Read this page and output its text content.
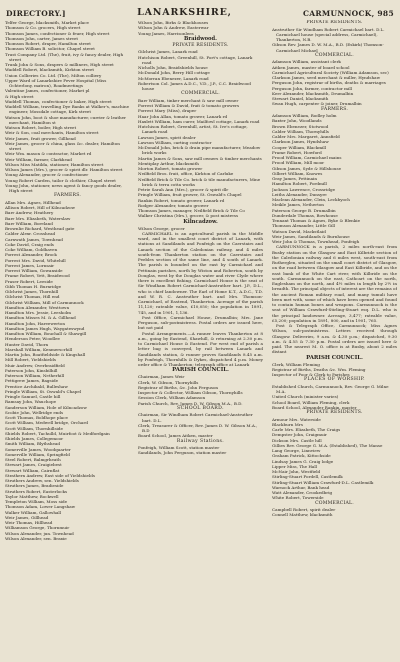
DIRECTORY.]	LANARKSHIRE,	CARMUNNOCK, 985
Telfer George, blacksmith, Market place
Thomson & Co. grocers, High street
Thomson James, confectioner & feuer, High street
Thomson John, carter, James street
Thomson Robert, draper, Hamilton street
Thomson William B. solicitor, Chapel street
Trust Company Ltd. (The), fruit, ivy & fancy dealer, High street
Trunk John & Sons, drapers & milliners, High street
Waddell Robert, blacksmith, Kirkton street
Union Collieries Co. Ltd. (The), Milton colliery
Upper Ward of Lanarkshire Fever Hospital (Miss Ochterlony, matron), Roadmeetings
Valentine James, confectioner, Market pl
& High street
Waddell Thomas, confectioner & baker, High street
Waddell William, travelling Dye Banks at Walker's, machine engineer, Mossdale cottage, Kirk street
Watson John, boot & shoe manufacturer, currier & leather merchant, Hamilton st
Watson Robert, boiler, High street
Weir & Son, coal merchants, Hamilton street
Weir James, fruit grower, Gillhead
Weir James, grocer & china, glass &c. dealer, Hamilton street
Weir Wm. mason & contractor, Market rd
Weir William, farmer, Clarkhead
Wilson Miss Matilda, stationer, Hamilton street
Wilson James (Mrs.), grocer & spirit dlr. Hamilton street
Young Alexander, grocer & confectioner
Young Robert Carden, tailor & clothier, Chapel street
Young John, stationer, news agent & fancy goods dealer, High street
FARMERS.
Allan Mrs. Agnes, Hillhead
Allison Robert, Hill of Kilncadzow
Barr Andrew, Heathery
Barr Mrs. Elizabeth, Waterslaw
Barr William, Boreland
Brownlie Richard, Westhead gate
Calder Alexr. Crosshead
Carnwath James, Townhead
Coke David, Craig ends
Coke William, Goldhaven
Forrest Alexander, Brock
Forrest Mrs. David, Whitehill
Forrest James, Lornsair
Forrest William, Gowanside
Frame Robert, Yett, Braidwood
Fraser Robert, Leeside
Gibb Thomas H. Burnridge
Gilchrist James, Thornhill
Gilchrist Thomas, Hill end
Gilchrist William, Mill of Carmunnock
Hamilton Alexander, Westtown
Hamilton Mrs. Jessie, Leesholm
Hamilton Misses M. & A. Gillhead
Hamilton John, Hareewerton
Hamilton James Hugh, Waygateswynd
Hamilton William, Bouchall & Shawgill
Henderson Peter, Woodlee
Hunter David, Thorn
Marshall William, Kenmerscrhill
Martin John, Boatfieldside & Kingshall
Mill Robert, Yieldshields
Muir Andrew, Overbraidfield
Paterson John, Kinsbilhill
Paterson William, Netherhill
Pettigrew James, Bagside
Prentice Archibald, Bulleshaw
Pringle William, St. Oswald's Chapel
Pringle Samuel, Castle hill
Ramsay John, Wauchope
Sanderson William, Hole of Kilncadzow
Scobie John, Wellridge ends
Scott Thomas, Boldhope place
Scott William, Medwell bridge, Orchard
Scott William, Thornhillside
Shields Robert, Tachulld, Muirfoot & Medfordgain
Shields James, Collegemoor
Smith William, Blythshead
Somerville James, Woodquarter
Somerville William, Springfield
Steel Robert, Balmgrheath
Stewart James, Craigiebest
Stewart William, Cairnflat
Strathern Andrew, East side of Yieldshields
Struthers Andrew, sen. Yieldshields
Struthers James, Bradieside
Struthers Robert, Easterlocks
Taylor Matthew, Bockwell
Templeton William, Moss side
Thomson Adam, Lower Langshaw
Walker William, Gallowhall
Weir James, Gillhead
Weir Thomas, Hillhead
Williamson George, Thornmuir
Wilson Alexander, jun. Townhead
Wilson Alexander, sen. Braxie
Wilson John, Birks & Blackhouses
Wilson John & Andrew, Easterwar
Young James, Harrisonlees
Braidwood.
PRIVATE RESIDENTS.
Gilchrist James, Lanark road
Hutchison Robert, Greenhill, St. Fort's cottage, Lanark road
Nicholls John, Braidshields house
McDonald John, Berry Hill cottage
McMorran Ebenezer, Lanark road
Robertson Col. James A.D.C., V.D., J.P., C.C. Braidwood house
COMMERCIAL.
Barr William, tinker merchant & saw mill owner
Forrest William & David, fruit & tomato growers
Forrest Mary (Miss), draper
Haar John Allan, tomato grower, Lanark rd
Haxlett William, ham curer, Mailfowl cottage, Lanark road
Hutchison Robert, Greenhill, artist, St. Ive's cottage, Lanark road
Lawson James, spirit dealer
Lawson William, carting contractor
McDonald John, brick & drain pipe manufacturer, Meadow brick works
Martin James & Sons, saw mill owners & timber merchants
Mentiplay Arthur, blacksmith
Morton Robert, tomato grower
Neilfield Bros. fruit, office, Kirkton of Carluke
Neilfield Brick & Tile Co. brick & tile manufacturers, Mine brick & terra cotta works
Petrie Sarah Ann (Mrs.), grocer & spirit dlr
Pringle William, fruit grower, St. Oswald's Chapel
Rankin Robert, tomato grower, Lanark rd
Rodger Alexander, tomato grower
Thomson James, manager, Neilfield Brick & Tile Co
Walker Christina (Mrs.), grocer, & post mistress
Kilncadzow.
Wilson George, grocer
CARMICHAEL is an agricultural parish in the Middle ward, and in the smallest court district of Lanark, with stations at Sandilands and Ponfeigh on the Caerstairs and Lanark section of the Caledonian railway, and 4 miles south-from Thankerton station on the Caerstairs and Peebles section of the same line, and 4 south of Lanark. The parish is bounded on the east by Carmichael and Pettinain parishes, north by Wiston and Roberton, south by Douglas, west by the Douglas water and river Clyde where there is excellent fishing. Carmichael House is the seat of Sir Windham Robert Carmichael-Anstruther bart. J.P., D.L., who is chief landowner. The Earl of Home K.T., A.D.C., T.D. and W. R. C. Anstruther bart. and Mrs. Thomson-Carmichael, of Eastend, Thankerton. Acreage of the parish 11,120; rateable value, £10,050; the population in 1891, 745, and in 1901, 1,136.
Post Office, Carmichael House, Drumalbin; Mrs. Jane Ferguson, sub-postmistress. Postal orders are issued here, but not paid
Postal Arrangements.—A runner leaves Thankerton at 8 a.m., going by Eastend, Shawhill, & returning at 2.30 p.m. to Carmichael House & Eastend. For west end of parish a letter bag is conveyed, by rail between Lanark and Sandilands station, & runner proves Sandilands 8.45 a.m. by Ponfeigh, Thornhills & Dykes, dispatched 4 p.m. Money order office & Thankerton; telegraph office at Lanark
PARISH COUNCIL.
Chairman, James Weir
Clerk, W. Gibson, Thornyhills
Registrar of Births, &c. John Ferguson
Inspector & Collector, William Gibson, Thornyhills
Session Clerk, William Adamson
Parish Church, Rev. James D. W. Gibson M.A., B.D.
SCHOOL BOARD.
Chairman, Sir Windham Robert Carmichael-Anstruther bart. D.L.
Clerk, Treasurer & Officer, Rev. James D. W. Gibson M.A., B.D
Board School, James Aitken, master
Railway Stations.
Ponfeigh, William Scott, station master
Sandilands, John Ferguson, station master
PRIVATE RESIDENTS.
Anstruther Sir Windham Robert Carmichael bart. D.L. Carmichael house (special address, Carmichael), Thankerton, N.B.
Gibson Rev. James D. W. M.A., B.D. (Eskirk) Thomson-Carmichael Michael
COMMERCIAL.
Adamson William, assistant clerk
Aitken James, master of board school
Carmichael Agricultural Society (William Adamson, sec)
Clarkson James, seed merchant & miller, Hyndshaw
Ferguson John, registrar of births, deaths & marriages
Ferguson John, farmer, contractor mill
Kerr Alexander, blacksmith, Drumalbin
Stewart Daniel, blacksmith
Swan Hugh, carpenter & joiner, Drumalbin
FARMERS.
Adamson William, Rodley holm
Baxter John, Woodlands
Brown Ebenezer, Stotwood
Calder William, Thornyhills
Calder Mrs. Margaret, Annsfield
Clarkson James, Hyndshaw
Cooper William, Blackmill
Frame Robert, Howford
Frood William, Carmichael mains
Frood William, Mill moor
Gibson James, Syde & Hillshouse
Gilbert William, Knowes
Gray James, Pettinain
Hamilton Robert, Fordmill
Jackson Lawrence, Crossridge
Leiths Alexander, Dunsyre
Maclean Alexander, Clein, Leckbyoch
Meikle James, Netherton
Paterson George B. Drumalbin
Dunderdale Thomas, Bowhouse
Tennant Thomas & Agnes, Byke & Blenkie
Thomson Alexander, Little Gill
Watson David, Mackstlaid
Weir James, Sandilands & Burnhouse
Weir John & Thomas, Townhead, Ponfeigh
CARMUNNOCK is a parish, 2 miles north-east from Busby station on the Glasgow and East Kilbride section of the Caledonian railway and 6 miles west, south-east from Rutherglen, situated on the small court district of Glasgow, on the road between Glasgow and East Kilbride, and on the east bank of the White Cart river, with Kilbride on the south. Carmunnock on the east, Cathcart on the north, Eaglesham on the north, and 4½ miles in length by 2½ in breadth. The principal objects of interest are the remains of the ancient Roman military road, and many tumuli have been met with, some of which have been opened and found to contain human bones and weapons. Carmunnock is the seat of William Crawfurd-Stirling-Stuart esq. D.L. who is the principal landowner. Acreage, 3,477; rateable value, £5,200; population in 1891, 800, and in 1901, 765.
Post & Telegraph Office, Carmunnock; Miss Agnes Wilson, sub-postmistress. Letters received through Glasgow. Deliveries, 9 a.m. & 4.30 p.m.; dispatched, 9.30 a.m. & 4.55 & 7.30 p.m. Postal orders are issued here & paid. The nearest M. O. office is at Busby, about 2 miles distant
PARISH COUNCIL.
Clerk, William Fleming
Registrar of Births, Deaths &c. Wm. Fleming
Inspector of Poor & Clerk to Parishes
PLACES OF WORSHIP.
Established Church, Carmunnock, Rev. George G. Milne M.A.
United Church (minister varies)
School Board, William Fleming, clerk
Board School, Alexander Rankin, master
PRIVATE RESIDENTS.
Armour Mrs. Waterside
Blackburn Mrs
Carle Mrs. Elizabeth, The Craigs
Dempster John, Craigmuir
Dickson Mrs. Castle hill
Gillies Rev. George G. M.A. (Established), The Manse
Lang George, Linnview
Graham Patrick, Kittochside
Lindsay James G. Craig lodge
Lipper Miss, The Hall
McNair John, Westfield
Stirling-Stuart Fordell, Castlemilk
Stirling-Stuart William Crawfurd-D.L. Castlemilk
Warnock Arthur, Bank head
Watt Alexander, Crookedbrig
White Robert, Towerside
COMMERCIAL.
Campbell Robert, spirit dealer
Connell Matthew, blacksmith
